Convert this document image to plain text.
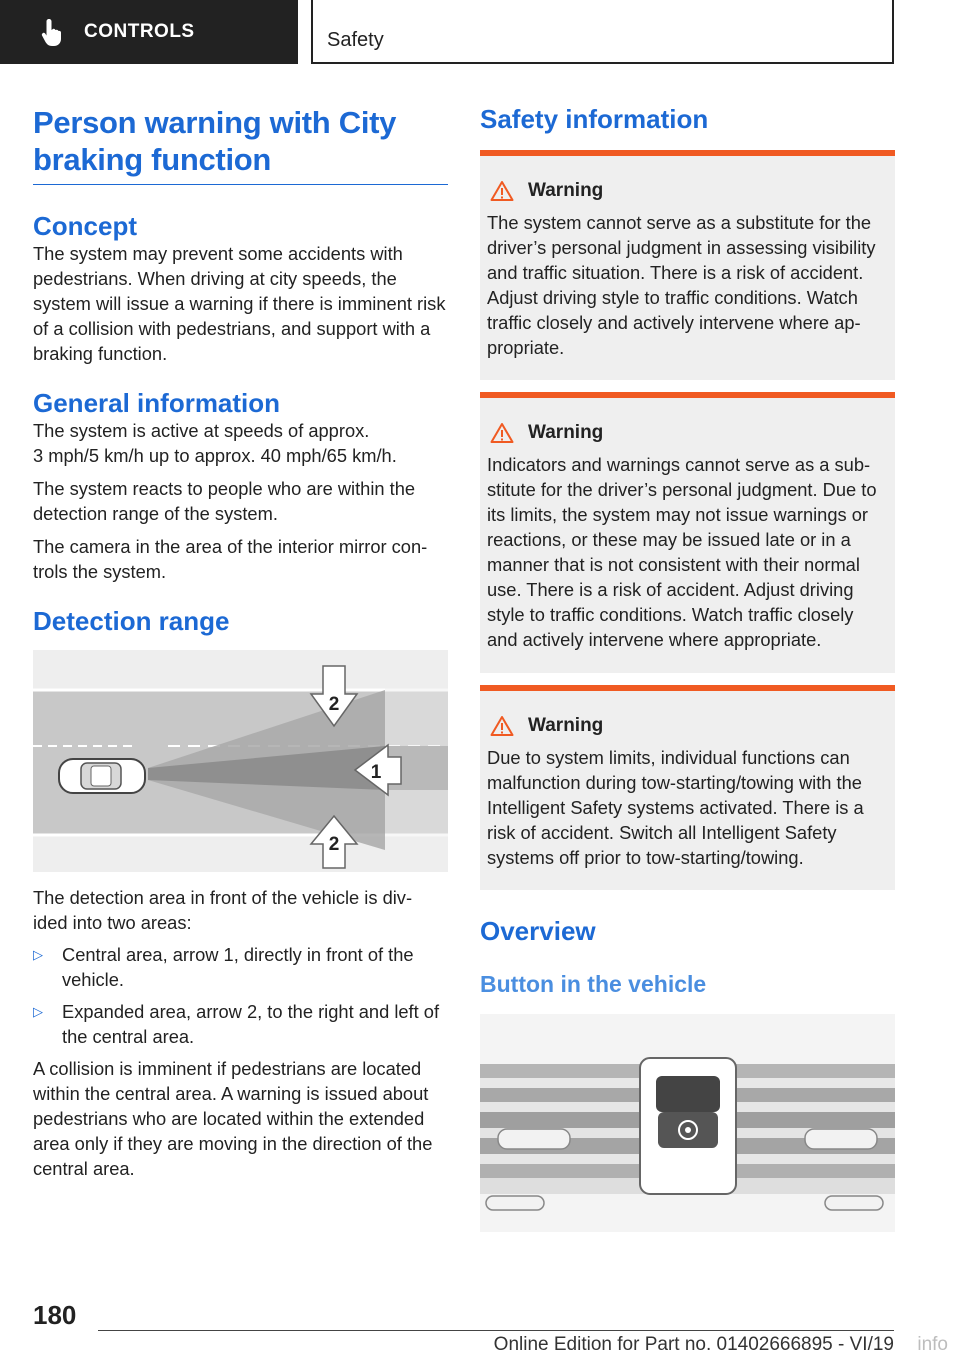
CONTROLS	Safety
Person warning with City braking function
Concept

The system may prevent some accidents with pedestrians. When driving at city speeds, the system will issue a warning if there is imminent risk of a collision with pedestrians, and support with a braking function.

General information

The system is active at speeds of approx.

3 mph/5 km/h up to approx. 40 mph/65 km/h.

The system reacts to people who are within the detection range of the system.

The camera in the area of the interior mirror con‐ trols the system.

Detection range
2
1
2

The detection area in front of the vehicle is div‐ ided into two areas:

▷ Central area, arrow 1, directly in front of the vehicle.
▷ Expanded area, arrow 2, to the right and left of the central area.

A collision is imminent if pedestrians are located within the central area. A warning is issued about pedestrians who are located within the extended area only if they are moving in the direction of the central area.

Safety information
Warning

The system cannot serve as a substitute for the driver’s personal judgment in assessing visibility and traffic situation. There is a risk of accident. Adjust driving style to traffic conditions. Watch traffic closely and actively intervene where ap‐ propriate.

Warning

Indicators and warnings cannot serve as a sub‐ stitute for the driver’s personal judgment. Due to its limits, the system may not issue warnings or reactions, or these may be issued late or in a manner that is not consistent with their normal use. There is a risk of accident. Adjust driving style to traffic conditions. Watch traffic closely and actively intervene where appropriate.

Warning

Due to system limits, individual functions can malfunction during tow-starting/towing with the Intelligent Safety systems activated. There is a risk of accident. Switch all Intelligent Safety systems off prior to tow-starting/towing.

Overview
Button in the vehicle
180
Online Edition for Part no. 01402666895 - VI/19 info
